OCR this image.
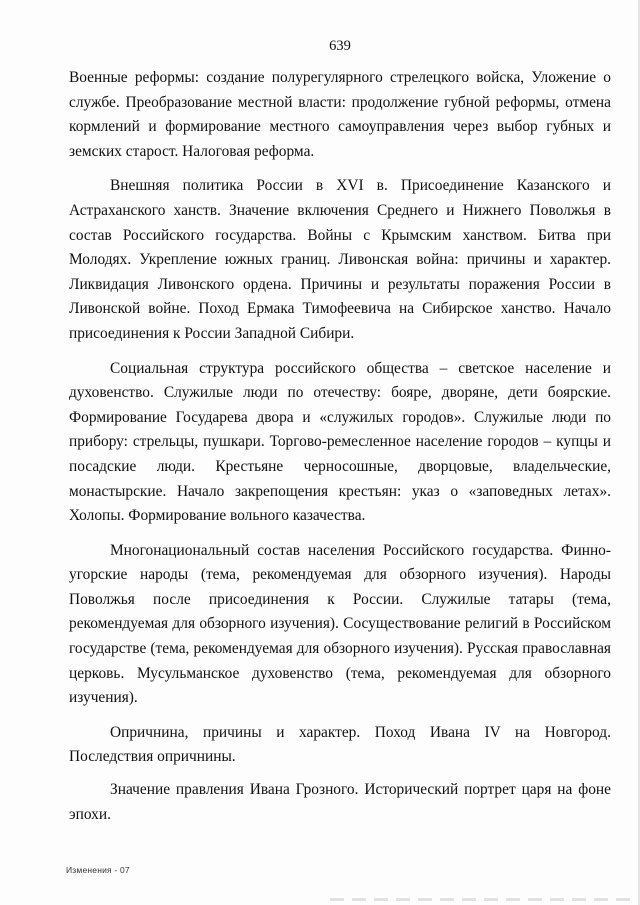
639

Военные реформы: создание полурегулярного стрелецкого войска, Уложение о службе. Преобразование местной власти: продолжение губной реформы, отмена кормлений и формирование местного самоуправления через выбор губных и земских старост. Налоговая реформа.

Внешняя политика России в XVI в. Присоединение Казанского и Астраханского ханств. Значение включения Среднего и Нижнего Поволжья в состав Российского государства. Войны с Крымским ханством. Битва при Молодях. Укрепление южных границ. Ливонская война: причины и характер. Ликвидация Ливонского ордена. Причины и результаты поражения России в Ливонской войне. Поход Ермака Тимофеевича на Сибирское ханство. Начало присоединения к России Западной Сибири.

Социальная структура российского общества – светское население и духовенство. Служилые люди по отечеству: бояре, дворяне, дети боярские. Формирование Государева двора и «служилых городов». Служилые люди по прибору: стрельцы, пушкари. Торгово-ремесленное население городов – купцы и посадские люди. Крестьяне черносошные, дворцовые, владельческие, монастырские. Начало закрепощения крестьян: указ о «заповедных летах». Холопы. Формирование вольного казачества.

Многонациональный состав населения Российского государства. Финно-угорские народы (тема, рекомендуемая для обзорного изучения). Народы Поволжья после присоединения к России. Служилые татары (тема, рекомендуемая для обзорного изучения). Сосуществование религий в Российском государстве (тема, рекомендуемая для обзорного изучения). Русская православная церковь. Мусульманское духовенство (тема, рекомендуемая для обзорного изучения).

Опричнина, причины и характер. Поход Ивана IV на Новгород. Последствия опричнины.

Значение правления Ивана Грозного. Исторический портрет царя на фоне эпохи.

Изменения - 07
